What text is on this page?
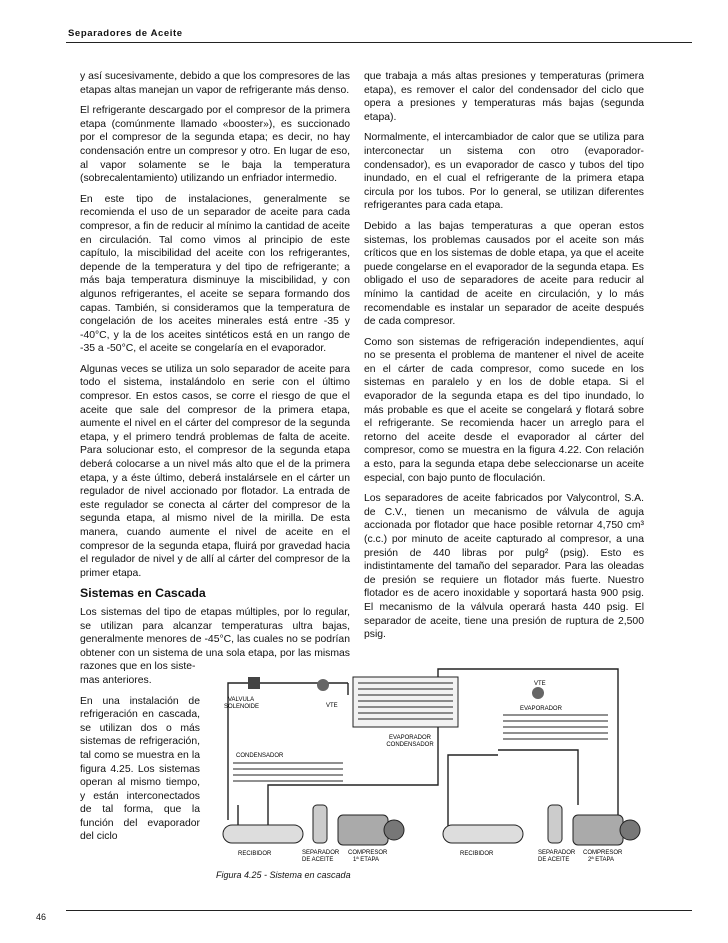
Separadores de Aceite

y así sucesivamente, debido a que los compresores de las etapas altas manejan un vapor de refrigerante más denso.

El refrigerante descargado por el compresor de la primera etapa (comúnmente llamado «booster»), es succionado por el compresor de la segunda etapa; es decir, no hay condensación entre un compresor y otro. En lugar de eso, al vapor solamente se le baja la temperatura (sobrecalentamiento) utilizando un enfriador intermedio.

En este tipo de instalaciones, generalmente se recomienda el uso de un separador de aceite para cada compresor, a fin de reducir al mínimo la cantidad de aceite en circulación. Tal como vimos al principio de este capítulo, la miscibilidad del aceite con los refrigerantes, depende de la temperatura y del tipo de refrigerante; a más baja temperatura disminuye la miscibilidad, y con algunos refrigerantes, el aceite se separa formando dos capas. También, si consideramos que la temperatura de congelación de los aceites minerales está entre -35 y -40°C, y la de los aceites sintéticos está en un rango de -35 a -50°C, el aceite se congelaría en el evaporador.

Algunas veces se utiliza un solo separador de aceite para todo el sistema, instalándolo en serie con el último compresor. En estos casos, se corre el riesgo de que el aceite que sale del compresor de la primera etapa, aumente el nivel en el cárter del compresor de la segunda etapa, y el primero tendrá problemas de falta de aceite. Para solucionar esto, el compresor de la segunda etapa deberá colocarse a un nivel más alto que el de la primera etapa, y a éste último, deberá instalársele en el cárter un regulador de nivel accionado por flotador. La entrada de este regulador se conecta al cárter del compresor de la segunda etapa, al mismo nivel de la mirilla. De esta manera, cuando aumente el nivel de aceite en el compresor de la segunda etapa, fluirá por gravedad hacia el regulador de nivel y de allí al cárter del compresor de la primer etapa.

Sistemas en Cascada

Los sistemas del tipo de etapas múltiples, por lo regular, se utilizan para alcanzar temperaturas ultra bajas, generalmente menores de -45°C, las cuales no se podrían obtener con un sistema de una sola etapa, por las mismas razones que en los siste-

mas anteriores.

En una instalación de refrigeración en cascada, se utilizan dos o más sistemas de refrigeración, tal como se muestra en la figura 4.25. Los sistemas operan al mismo tiempo, y están interconectados de tal forma, que la función del evaporador del ciclo

que trabaja a más altas presiones y temperaturas (primera etapa), es remover el calor del condensador del ciclo que opera a presiones y temperaturas más bajas (segunda etapa).

Normalmente, el intercambiador de calor que se utiliza para interconectar un sistema con otro (evaporador-condensador), es un evaporador de casco y tubos del tipo inundado, en el cual el refrigerante de la primera etapa circula por los tubos. Por lo general, se utilizan diferentes refrigerantes para cada etapa.

Debido a las bajas temperaturas a que operan estos sistemas, los problemas causados por el aceite son más críticos que en los sistemas de doble etapa, ya que el aceite puede congelarse en el evaporador de la segunda etapa. Es obligado el uso de separadores de aceite para reducir al mínimo la cantidad de aceite en circulación, y lo más recomendable es instalar un separador de aceite después de cada compresor.

Como son sistemas de refrigeración independientes, aquí no se presenta el problema de mantener el nivel de aceite en el cárter de cada compresor, como sucede en los sistemas en paralelo y en los de doble etapa. Si el evaporador de la segunda etapa es del tipo inundado, lo más probable es que el aceite se congelará y flotará sobre el refrigerante. Se recomienda hacer un arreglo para el retorno del aceite desde el evaporador al cárter del compresor, como se muestra en la figura 4.22. Con relación a esto, para la segunda etapa debe seleccionarse un aceite especial, con bajo punto de floculación.

Los separadores de aceite fabricados por Valycontrol, S.A. de C.V., tienen un mecanismo de válvula de aguja accionada por flotador que hace posible retornar 4,750 cm³ (c.c.) por minuto de aceite capturado al compresor, a una presión de 440 libras por pulg² (psig). Esto es indistintamente del tamaño del separador. Para las oleadas de presión se requiere un flotador más fuerte. Nuestro flotador es de acero inoxidable y soportará hasta 900 psig. El mecanismo de la válvula operará hasta 440 psig. El separador de aceite, tiene una presión de ruptura de 2,500 psig.

VALVULA
SOLENOIDE	VTE
EVAPORADOR
CONDENSADOR
CONDENSADOR
RECIBIDOR	SEPARADOR
DE ACEITE
COMPRESOR
1ª ETAPA
VTE
EVAPORADOR
RECIBIDOR	SEPARADOR
DE ACEITE
COMPRESOR
2ª ETAPA
Figura 4.25 - Sistema en cascada
46
